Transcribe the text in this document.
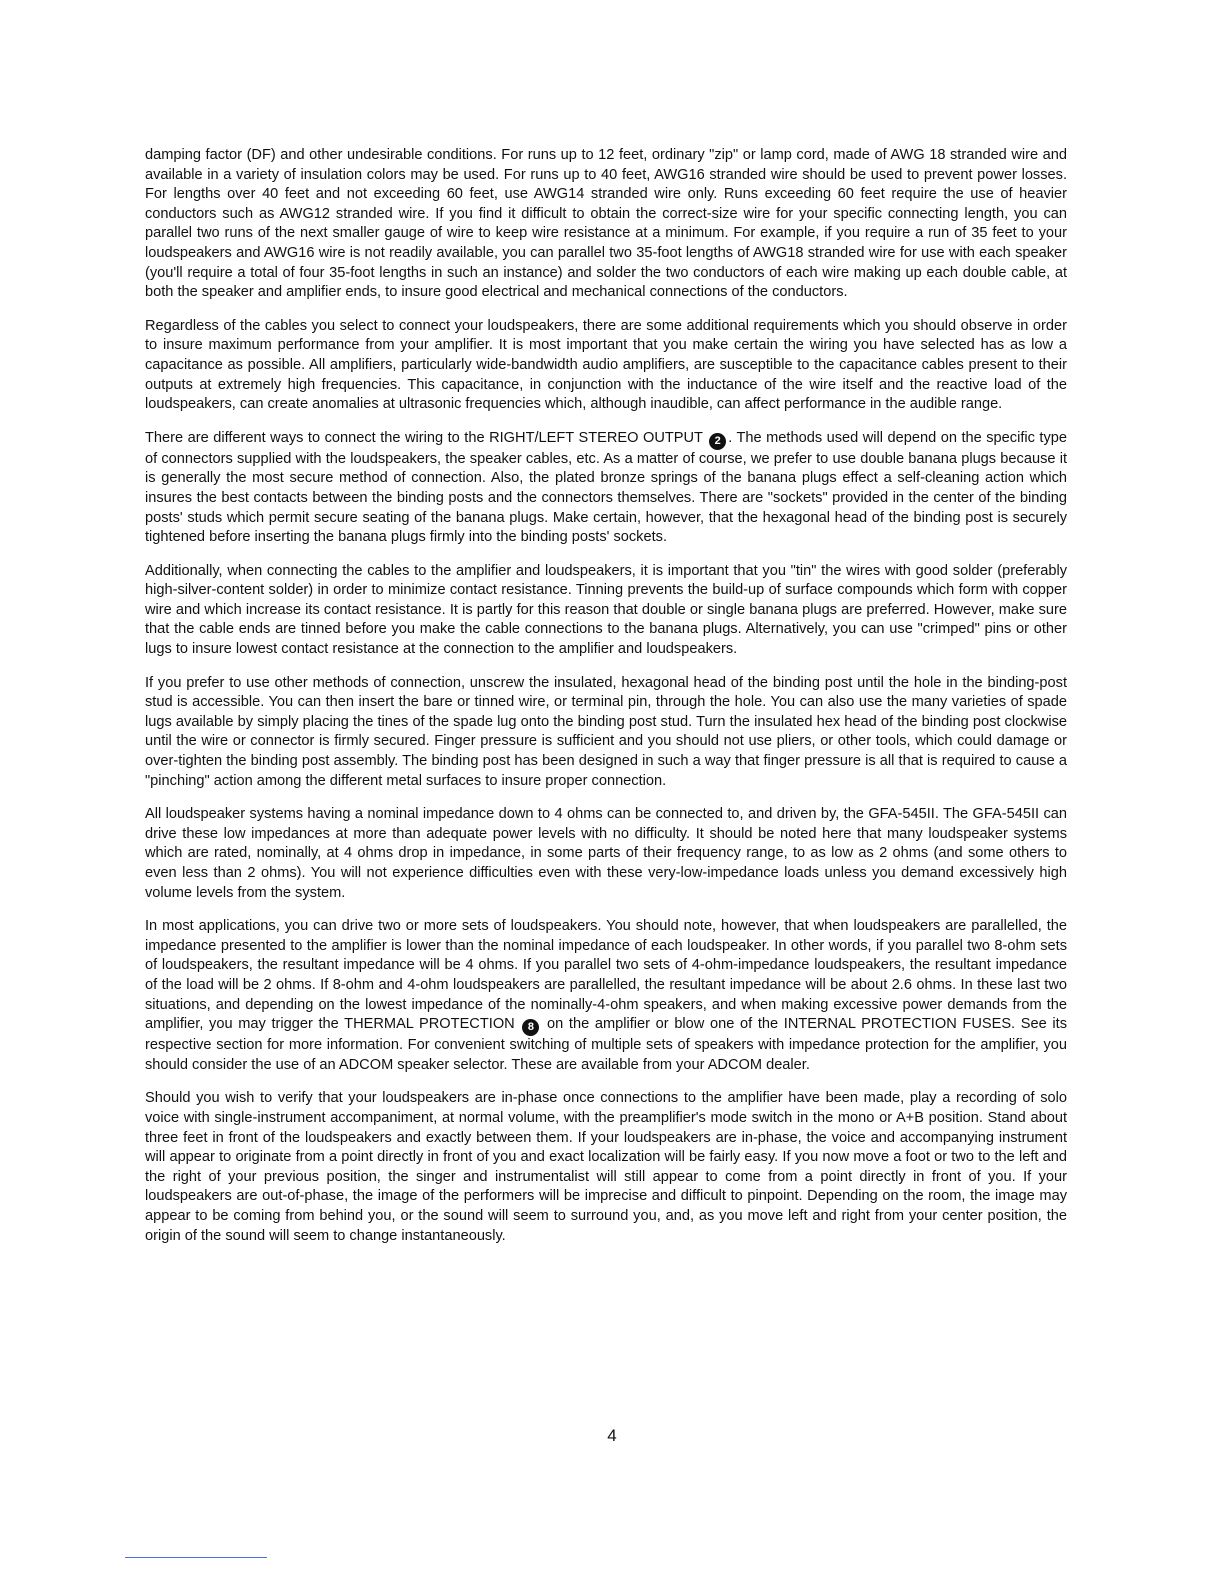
damping factor (DF) and other undesirable conditions. For runs up to 12 feet, ordinary "zip" or lamp cord, made of AWG 18 stranded wire and available in a variety of insulation colors may be used. For runs up to 40 feet, AWG16 stranded wire should be used to prevent power losses. For lengths over 40 feet and not exceeding 60 feet, use AWG14 stranded wire only. Runs exceeding 60 feet require the use of heavier conductors such as AWG12 stranded wire. If you find it difficult to obtain the correct-size wire for your specific connecting length, you can parallel two runs of the next smaller gauge of wire to keep wire resistance at a minimum. For example, if you require a run of 35 feet to your loudspeakers and AWG16 wire is not readily available, you can parallel two 35-foot lengths of AWG18 stranded wire for use with each speaker (you'll require a total of four 35-foot lengths in such an instance) and solder the two conductors of each wire making up each double cable, at both the speaker and amplifier ends, to insure good electrical and mechanical connections of the conductors.

Regardless of the cables you select to connect your loudspeakers, there are some additional requirements which you should observe in order to insure maximum performance from your amplifier. It is most important that you make certain the wiring you have selected has as low a capacitance as possible. All amplifiers, particularly wide-bandwidth audio amplifiers, are susceptible to the capacitance cables present to their outputs at extremely high frequencies. This capacitance, in conjunction with the inductance of the wire itself and the reactive load of the loudspeakers, can create anomalies at ultrasonic frequencies which, although inaudible, can affect performance in the audible range.

There are different ways to connect the wiring to the RIGHT/LEFT STEREO OUTPUT 2 . The methods used will depend on the specific type of connectors supplied with the loudspeakers, the speaker cables, etc. As a matter of course, we prefer to use double banana plugs because it is generally the most secure method of connection. Also, the plated bronze springs of the banana plugs effect a self-cleaning action which insures the best contacts between the binding posts and the connectors themselves. There are "sockets" provided in the center of the binding posts' studs which permit secure seating of the banana plugs. Make certain, however, that the hexagonal head of the binding post is securely tightened before inserting the banana plugs firmly into the binding posts' sockets.

Additionally, when connecting the cables to the amplifier and loudspeakers, it is important that you "tin" the wires with good solder (preferably high-silver-content solder) in order to minimize contact resistance. Tinning prevents the build-up of surface compounds which form with copper wire and which increase its contact resistance. It is partly for this reason that double or single banana plugs are preferred. However, make sure that the cable ends are tinned before you make the cable connections to the banana plugs. Alternatively, you can use "crimped" pins or other lugs to insure lowest contact resistance at the connection to the amplifier and loudspeakers.

If you prefer to use other methods of connection, unscrew the insulated, hexagonal head of the binding post until the hole in the binding-post stud is accessible. You can then insert the bare or tinned wire, or terminal pin, through the hole. You can also use the many varieties of spade lugs available by simply placing the tines of the spade lug onto the binding post stud. Turn the insulated hex head of the binding post clockwise until the wire or connector is firmly secured. Finger pressure is sufficient and you should not use pliers, or other tools, which could damage or over-tighten the binding post assembly. The binding post has been designed in such a way that finger pressure is all that is required to cause a "pinching" action among the different metal surfaces to insure proper connection.

All loudspeaker systems having a nominal impedance down to 4 ohms can be connected to, and driven by, the GFA-545II. The GFA-545II can drive these low impedances at more than adequate power levels with no difficulty. It should be noted here that many loudspeaker systems which are rated, nominally, at 4 ohms drop in impedance, in some parts of their frequency range, to as low as 2 ohms (and some others to even less than 2 ohms). You will not experience difficulties even with these very-low-impedance loads unless you demand excessively high volume levels from the system.

In most applications, you can drive two or more sets of loudspeakers. You should note, however, that when loudspeakers are parallelled, the impedance presented to the amplifier is lower than the nominal impedance of each loudspeaker. In other words, if you parallel two 8-ohm sets of loudspeakers, the resultant impedance will be 4 ohms. If you parallel two sets of 4-ohm-impedance loudspeakers, the resultant impedance of the load will be 2 ohms. If 8-ohm and 4-ohm loudspeakers are parallelled, the resultant impedance will be about 2.6 ohms. In these last two situations, and depending on the lowest impedance of the nominally-4-ohm speakers, and when making excessive power demands from the amplifier, you may trigger the THERMAL PROTECTION 8 on the amplifier or blow one of the INTERNAL PROTECTION FUSES. See its respective section for more information. For convenient switching of multiple sets of speakers with impedance protection for the amplifier, you should consider the use of an ADCOM speaker selector. These are available from your ADCOM dealer.

Should you wish to verify that your loudspeakers are in-phase once connections to the amplifier have been made, play a recording of solo voice with single-instrument accompaniment, at normal volume, with the preamplifier's mode switch in the mono or A+B position. Stand about three feet in front of the loudspeakers and exactly between them. If your loudspeakers are in-phase, the voice and accompanying instrument will appear to originate from a point directly in front of you and exact localization will be fairly easy. If you now move a foot or two to the left and the right of your previous position, the singer and instrumentalist will still appear to come from a point directly in front of you. If your loudspeakers are out-of-phase, the image of the performers will be imprecise and difficult to pinpoint. Depending on the room, the image may appear to be coming from behind you, or the sound will seem to surround you, and, as you move left and right from your center position, the origin of the sound will seem to change instantaneously.

4
